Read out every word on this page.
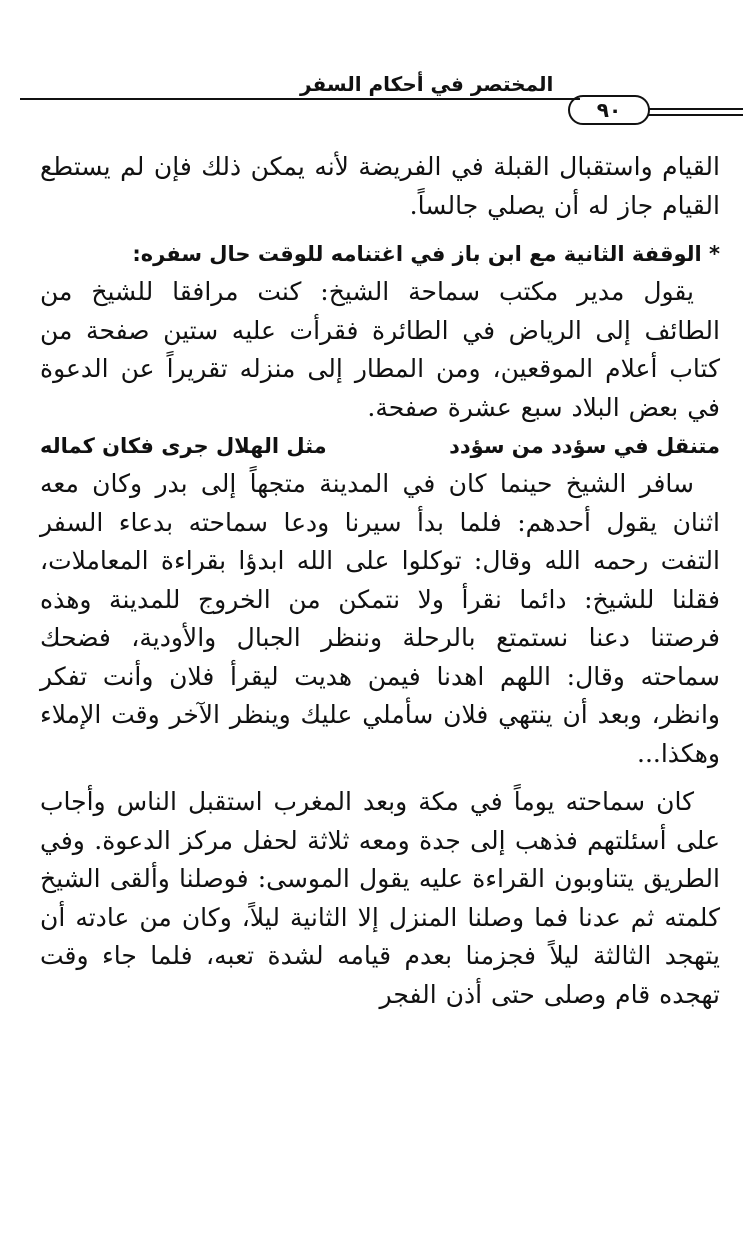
المختصر في أحكام السفر
٩٠

القيام واستقبال القبلة في الفريضة لأنه يمكن ذلك فإن لم يستطع القيام جاز له أن يصلي جالساً.

* الوقفة الثانية مع ابن باز في اغتنامه للوقت حال سفره:

يقول مدير مكتب سماحة الشيخ: كنت مرافقا للشيخ من الطائف إلى الرياض في الطائرة فقرأت عليه ستين صفحة من كتاب أعلام الموقعين، ومن المطار إلى منزله تقريراً عن الدعوة في بعض البلاد سبع عشرة صفحة.

متنقل في سؤدد من سؤدد
مثل الهلال جرى فكان كماله

سافر الشيخ حينما كان في المدينة متجهاً إلى بدر وكان معه اثنان يقول أحدهم: فلما بدأ سيرنا ودعا سماحته بدعاء السفر التفت رحمه الله وقال: توكلوا على الله ابدؤا بقراءة المعاملات، فقلنا للشيخ: دائما نقرأ ولا نتمكن من الخروج للمدينة وهذه فرصتنا دعنا نستمتع بالرحلة وننظر الجبال والأودية، فضحك سماحته وقال: اللهم اهدنا فيمن هديت ليقرأ فلان وأنت تفكر وانظر، وبعد أن ينتهي فلان سأملي عليك وينظر الآخر وقت الإملاء وهكذا...

كان سماحته يوماً في مكة وبعد المغرب استقبل الناس وأجاب على أسئلتهم فذهب إلى جدة ومعه ثلاثة لحفل مركز الدعوة. وفي الطريق يتناوبون القراءة عليه يقول الموسى: فوصلنا وألقى الشيخ كلمته ثم عدنا فما وصلنا المنزل إلا الثانية ليلاً، وكان من عادته أن يتهجد الثالثة ليلاً فجزمنا بعدم قيامه لشدة تعبه، فلما جاء وقت تهجده قام وصلى حتى أذن الفجر
